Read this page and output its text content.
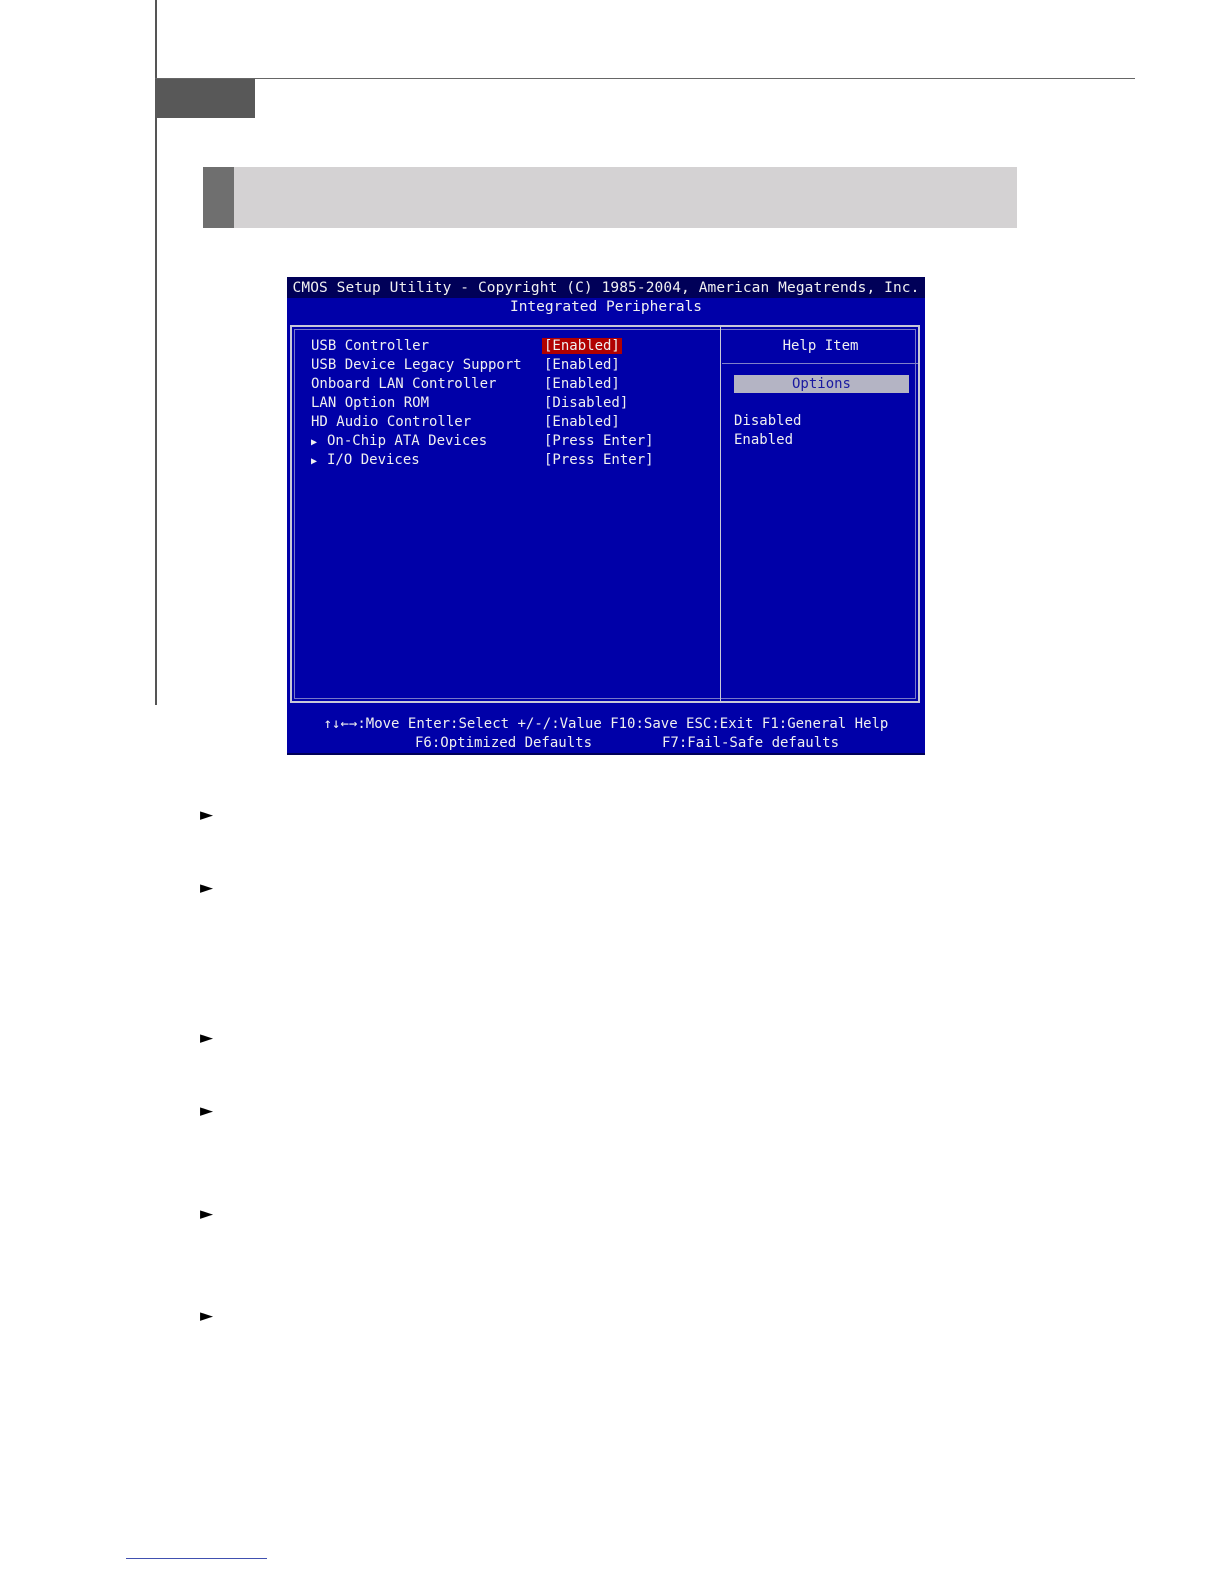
CMOS Setup Utility - Copyright (C) 1985-2004, American Megatrends, Inc.
Integrated Peripherals
USB Controller	[Enabled]
USB Device Legacy Support [Enabled]
Onboard LAN Controller	[Enabled]
LAN Option ROM	[Disabled]
HD Audio Controller	[Enabled]
▶ On-Chip ATA Devices	[Press Enter]
▶ I/O Devices	[Press Enter]
Help Item
Options
Disabled
Enabled
↑↓←→:Move Enter:Select +/-/:Value F10:Save ESC:Exit F1:General Help
F6:Optimized Defaults	F7:Fail-Safe defaults
►
►
►
►
►
►
